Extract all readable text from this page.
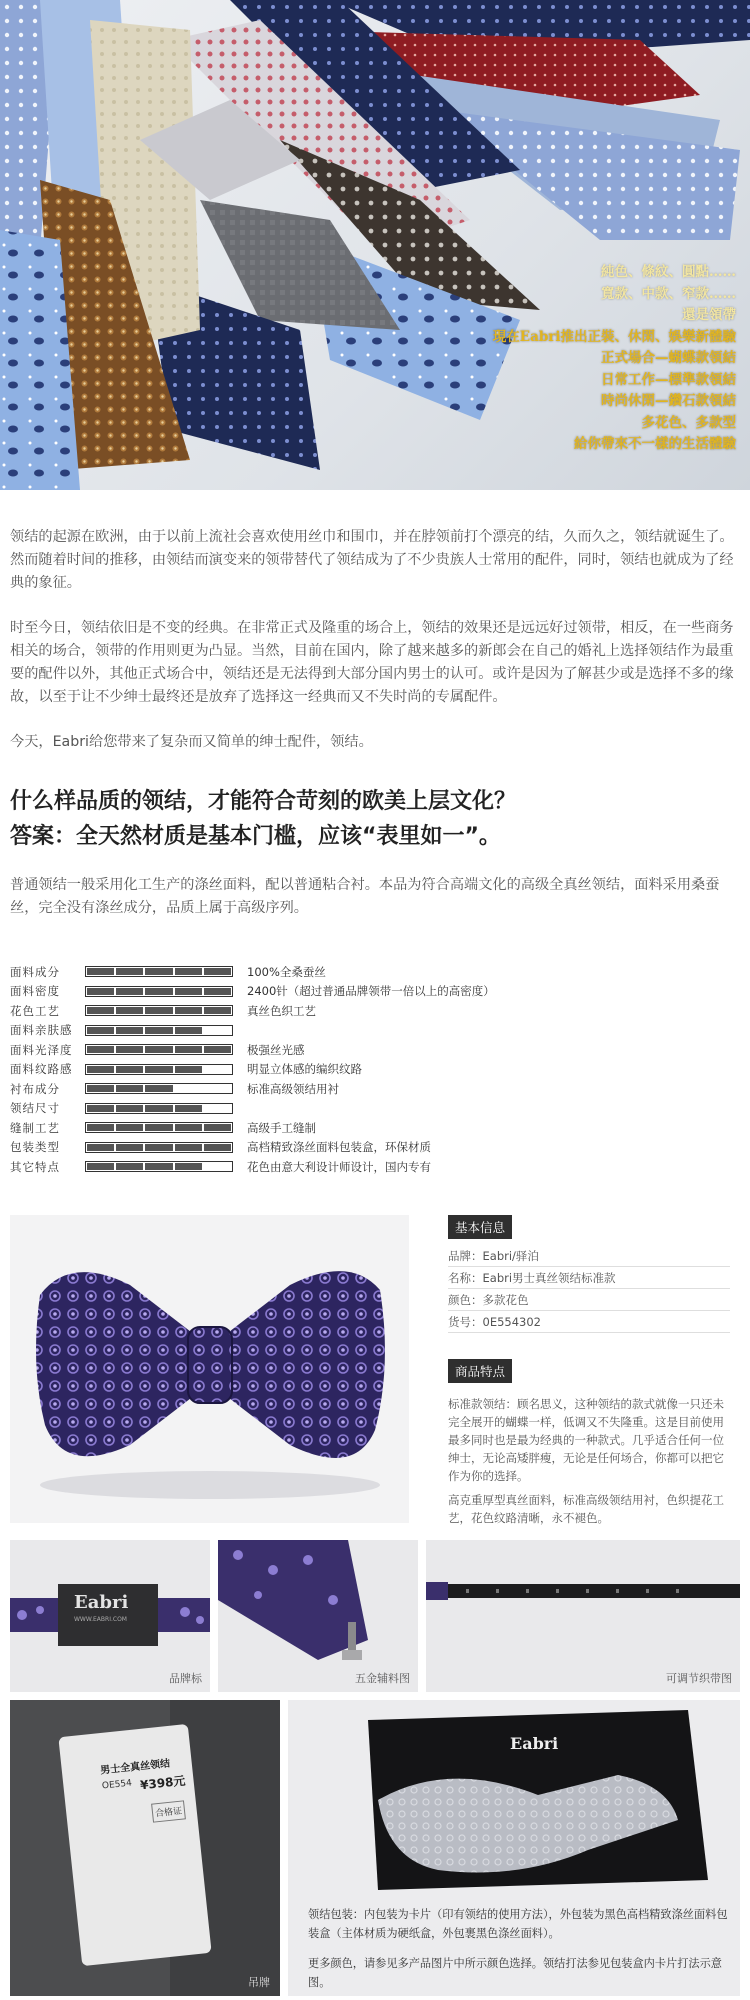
純色、條紋、圓點……
寬款、中款、窄款……
還是領帶
現在Eabri推出正裝、休閑、娛樂新體驗
正式場合—蝴蝶款領結
日常工作—標準款領結
時尚休閑—鑽石款領結
多花色、多款型
給你帶來不一樣的生活體驗

领结的起源在欧洲，由于以前上流社会喜欢使用丝巾和围巾，并在脖领前打个漂亮的结，久而久之，领结就诞生了。然而随着时间的推移，由领结而演变来的领带替代了领结成为了不少贵族人士常用的配件，同时，领结也就成为了经典的象征。

时至今日，领结依旧是不变的经典。在非常正式及隆重的场合上，领结的效果还是远远好过领带，相反，在一些商务相关的场合，领带的作用则更为凸显。当然，目前在国内，除了越来越多的新郎会在自己的婚礼上选择领结作为最重要的配件以外，其他正式场合中，领结还是无法得到大部分国内男士的认可。或许是因为了解甚少或是选择不多的缘故，以至于让不少绅士最终还是放弃了选择这一经典而又不失时尚的专属配件。

今天，Eabri给您带来了复杂而又简单的绅士配件，领结。

什么样品质的领结，才能符合苛刻的欧美上层文化？
答案：全天然材质是基本门槛，应该“表里如一”。
普通领结一般采用化工生产的涤丝面料，配以普通粘合衬。本品为符合高端文化的高级全真丝领结，面料采用桑蚕丝，完全没有涤丝成分，品质上属于高级序列。
面料成分	100%全桑蚕丝
面料密度	2400针（超过普通品牌领带一倍以上的高密度）
花色工艺	真丝色织工艺
面料亲肤感
面料光泽度	极强丝光感
面料纹路感	明显立体感的编织纹路
衬布成分	标准高级领结用衬
领结尺寸
缝制工艺	高级手工缝制
包装类型	高档精致涤丝面料包装盒，环保材质
其它特点	花色由意大利设计师设计，国内专有
基本信息
品牌：Eabri/驿泊
名称：Eabri男士真丝领结标准款
颜色：多款花色
货号：0E554302
商品特点
标准款领结：顾名思义，这种领结的款式就像一只还未完全展开的蝴蝶一样，低调又不失隆重。这是目前使用最多同时也是最为经典的一种款式。几乎适合任何一位绅士，无论高矮胖瘦，无论是任何场合，你都可以把它作为你的选择。
高克重厚型真丝面料，标准高级领结用衬，色织提花工艺，花色纹路清晰，永不褪色。
Eabri
WWW.EABRI.COM
品牌标	五金辅料图	可调节织带图
男士全真丝领结
OE554 ¥398元
合格证
吊牌
Eabri

领结包装：内包装为卡片（印有领结的使用方法），外包装为黑色高档精致涤丝面料包装盒（主体材质为硬纸盒，外包裹黑色涤丝面料）。

更多颜色，请参见多产品图片中所示颜色选择。领结打法参见包装盒内卡片打法示意图。
